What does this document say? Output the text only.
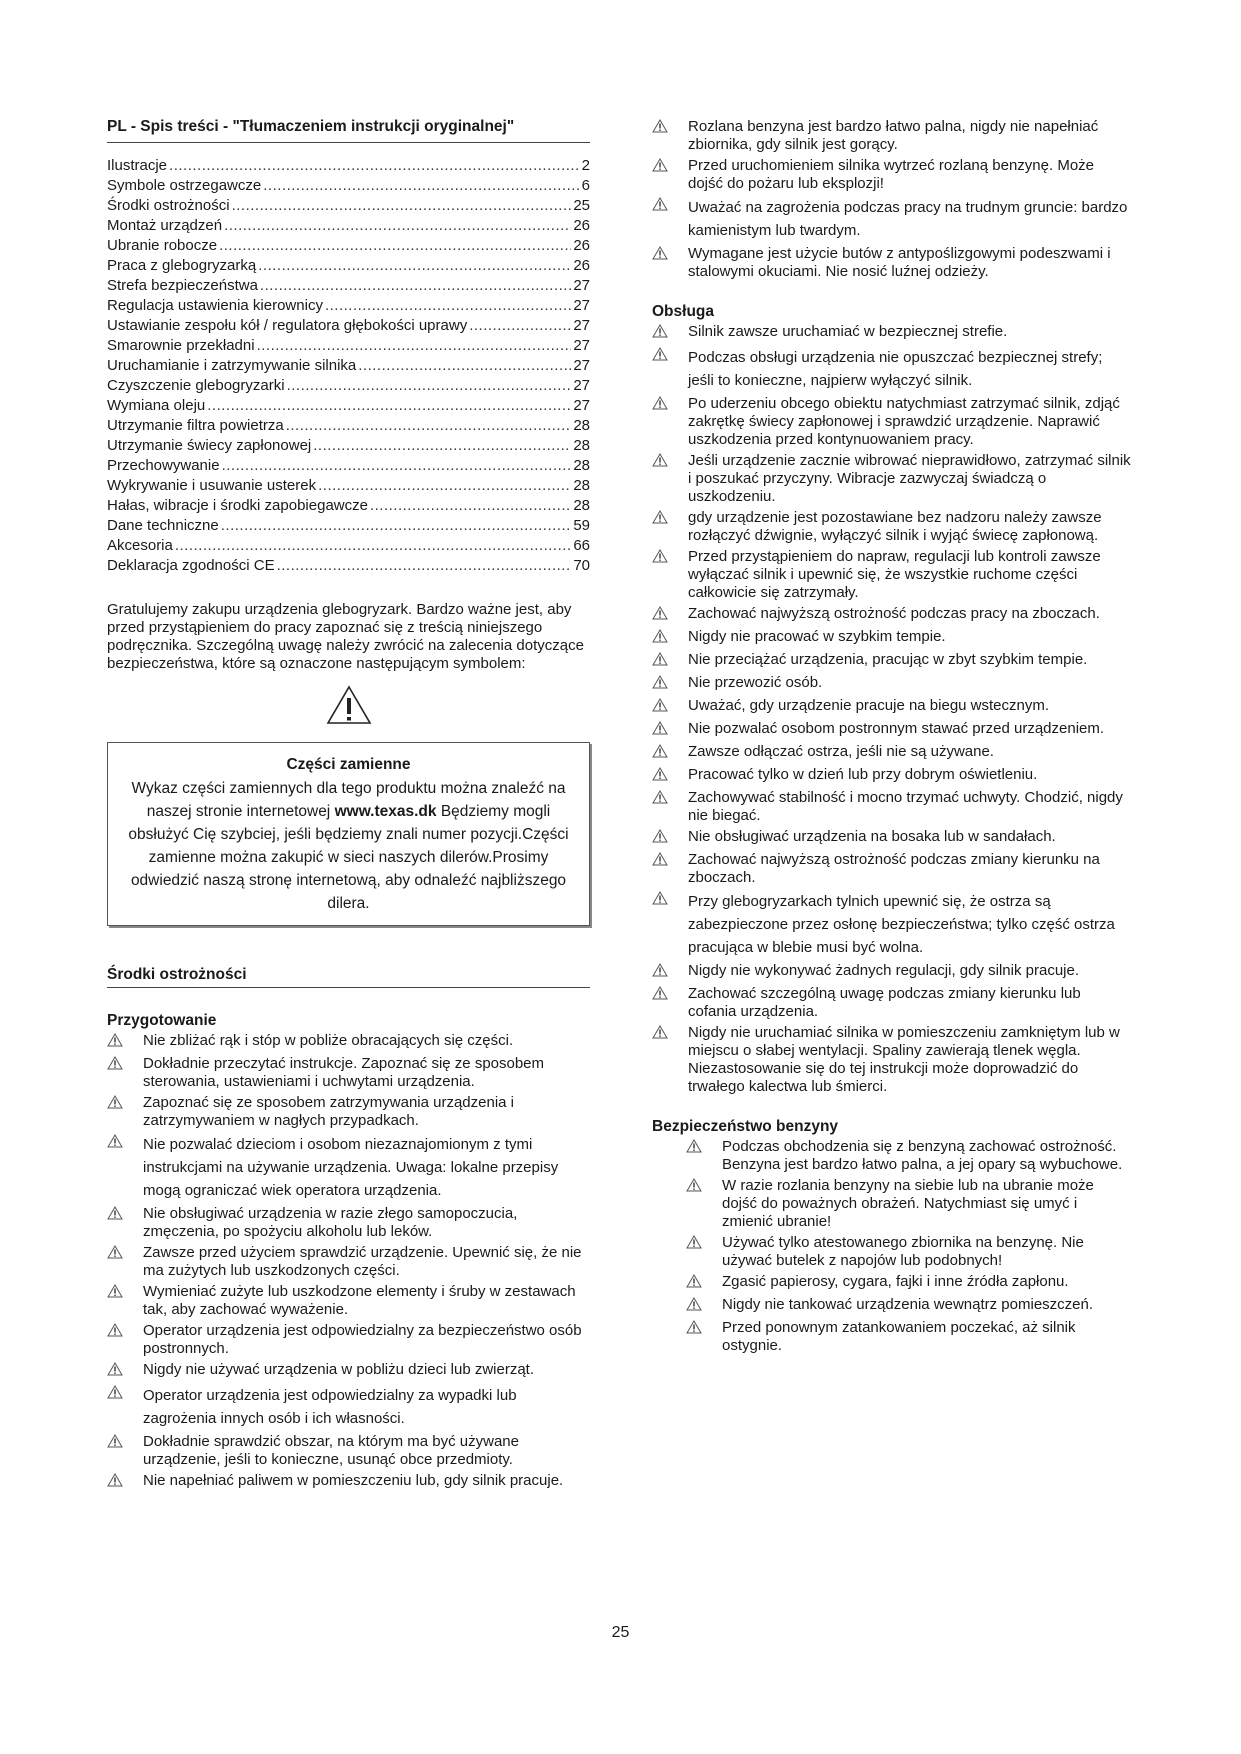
PL - Spis treści - "Tłumaczeniem instrukcji oryginalnej"
Ilustracje .....	2
Symbole ostrzegawcze .....	6
Środki ostrożności .....	25
Montaż urządzeń .....	26
Ubranie robocze .....	26
Praca z glebogryzarką .....	26
Strefa bezpieczeństwa .....	27
Regulacja ustawienia kierownicy .....	27
Ustawianie zespołu kół / regulatora głębokości uprawy .....	27
Smarownie przekładni .....	27
Uruchamianie i zatrzymywanie silnika .....	27
Czyszczenie glebogryzarki .....	27
Wymiana oleju .....	27
Utrzymanie filtra powietrza .....	28
Utrzymanie świecy zapłonowej .....	28
Przechowywanie .....	28
Wykrywanie i usuwanie usterek .....	28
Hałas, wibracje i środki zapobiegawcze .....	28
Dane techniczne .....	59
Akcesoria .....	66
Deklaracja zgodności CE .....	70
Gratulujemy zakupu urządzenia glebogryzark. Bardzo ważne jest, aby przed przystąpieniem do pracy zapoznać się z treścią niniejszego podręcznika. Szczególną uwagę należy zwrócić na zalecenia dotyczące bezpieczeństwa, które są oznaczone następującym symbolem:
Części zamienne
Wykaz części zamiennych dla tego produktu można znaleźć na naszej stronie internetowej www.texas.dk Będziemy mogli obsłużyć Cię szybciej, jeśli będziemy znali numer pozycji.Części zamienne można zakupić w sieci naszych dilerów.Prosimy odwiedzić naszą stronę internetową, aby odnaleźć najbliższego dilera.
Środki ostrożności
Przygotowanie
Nie zbliżać rąk i stóp w pobliże obracających się części.
Dokładnie przeczytać instrukcje. Zapoznać się ze sposobem sterowania, ustawieniami i uchwytami urządzenia.
Zapoznać się ze sposobem zatrzymywania urządzenia i zatrzymywaniem w nagłych przypadkach.
Nie pozwalać dzieciom i osobom niezaznajomionym z tymi instrukcjami na używanie urządzenia. Uwaga: lokalne przepisy mogą ograniczać wiek operatora urządzenia.
Nie obsługiwać urządzenia w razie złego samopoczucia, zmęczenia, po spożyciu alkoholu lub leków.
Zawsze przed użyciem sprawdzić urządzenie. Upewnić się, że nie ma zużytych lub uszkodzonych części.
Wymieniać zużyte lub uszkodzone elementy i śruby w zestawach tak, aby zachować wyważenie.
Operator urządzenia jest odpowiedzialny za bezpieczeństwo osób postronnych.
Nigdy nie używać urządzenia w pobliżu dzieci lub zwierząt.
Operator urządzenia jest odpowiedzialny za wypadki lub zagrożenia innych osób i ich własności.
Dokładnie sprawdzić obszar, na którym ma być używane urządzenie, jeśli to konieczne, usunąć obce przedmioty.
Nie napełniać paliwem w pomieszczeniu lub, gdy silnik pracuje.
Rozlana benzyna jest bardzo łatwo palna, nigdy nie napełniać zbiornika, gdy silnik jest gorący.
Przed uruchomieniem silnika wytrzeć rozlaną benzynę. Może dojść do pożaru lub eksplozji!
Uważać na zagrożenia podczas pracy na trudnym gruncie: bardzo kamienistym lub twardym.
Wymagane jest użycie butów z antypoślizgowymi podeszwami i stalowymi okuciami. Nie nosić luźnej odzieży.
Obsługa
Silnik zawsze uruchamiać w bezpiecznej strefie.
Podczas obsługi urządzenia nie opuszczać bezpiecznej strefy; jeśli to konieczne, najpierw wyłączyć silnik.
Po uderzeniu obcego obiektu natychmiast zatrzymać silnik, zdjąć zakrętkę świecy zapłonowej i sprawdzić urządzenie. Naprawić uszkodzenia przed kontynuowaniem pracy.
Jeśli urządzenie zacznie wibrować nieprawidłowo, zatrzymać silnik i poszukać przyczyny. Wibracje zazwyczaj świadczą o uszkodzeniu.
gdy urządzenie jest pozostawiane bez nadzoru należy zawsze rozłączyć dźwignie, wyłączyć silnik i wyjąć świecę zapłonową.
Przed przystąpieniem do napraw, regulacji lub kontroli zawsze wyłączać silnik i upewnić się, że wszystkie ruchome części całkowicie się zatrzymały.
Zachować najwyższą ostrożność podczas pracy na zboczach.
Nigdy nie pracować w szybkim tempie.
Nie przeciążać urządzenia, pracując w zbyt szybkim tempie.
Nie przewozić osób.
Uważać, gdy urządzenie pracuje na biegu wstecznym.
Nie pozwalać osobom postronnym stawać przed urządzeniem.
Zawsze odłączać ostrza, jeśli nie są używane.
Pracować tylko w dzień lub przy dobrym oświetleniu.
Zachowywać stabilność i mocno trzymać uchwyty. Chodzić, nigdy nie biegać.
Nie obsługiwać urządzenia na bosaka lub w sandałach.
Zachować najwyższą ostrożność podczas zmiany kierunku na zboczach.
Przy glebogryzarkach tylnich upewnić się, że ostrza są zabezpieczone przez osłonę bezpieczeństwa; tylko część ostrza pracująca w blebie musi być wolna.
Nigdy nie wykonywać żadnych regulacji, gdy silnik pracuje.
Zachować szczególną uwagę podczas zmiany kierunku lub cofania urządzenia.
Nigdy nie uruchamiać silnika w pomieszczeniu zamkniętym lub w miejscu o słabej wentylacji. Spaliny zawierają tlenek węgla. Niezastosowanie się do tej instrukcji może doprowadzić do trwałego kalectwa lub śmierci.
Bezpieczeństwo benzyny
Podczas obchodzenia się z benzyną zachować ostrożność. Benzyna jest bardzo łatwo palna, a jej opary są wybuchowe.
W razie rozlania benzyny na siebie lub na ubranie może dojść do poważnych obrażeń. Natychmiast się umyć i zmienić ubranie!
Używać tylko atestowanego zbiornika na benzynę. Nie używać butelek z napojów lub podobnych!
Zgasić papierosy, cygara, fajki i inne źródła zapłonu.
Nigdy nie tankować urządzenia wewnątrz pomieszczeń.
Przed ponownym zatankowaniem poczekać, aż silnik ostygnie.
25
